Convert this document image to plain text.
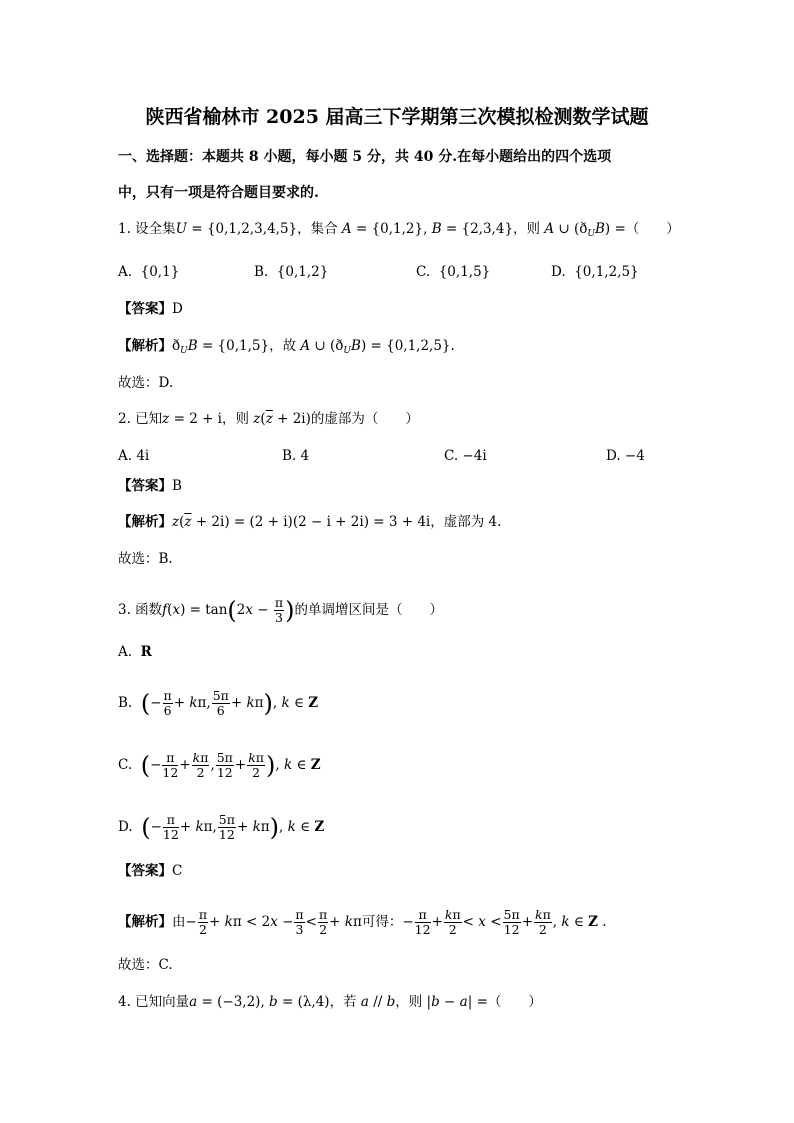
陕西省榆林市 2025 届高三下学期第三次模拟检测数学试题
一、选择题：本题共 8 小题，每小题 5 分，共 40 分.在每小题给出的四个选项
中，只有一项是符合题目要求的.
1. 设全集U = {0,1,2,3,4,5}，集合 A = {0,1,2}, B = {2,3,4}，则 A ∪ $(ð_UB)$ =（　　）
A.  {0,1}	B.  {0,1,2}	C.  {0,1,5}	D.  {0,1,2,5}
【答案】D
【解析】$ð_UB = \{0,1,5\}$，故 A ∪ $(ð_UB) = \{0,1,2,5\}$.
故选：D.
2. 已知z = 2 + i，则 $z(\overline{z} + 2i)$的虚部为（　　）
A. 4i	B. 4	C. −4i	D. −4
【答案】B
【解析】$z(\overline{z} + 2i) = (2 + i)(2 - i + 2i) = 3 + 4i$，虚部为 4.
故选：B.
3. 函数$f(x) = \tan(2x - \frac{\pi}{3}$ )的单调增区间是（　　）
A. R
B. (− $\frac{\pi}{6} + k\pi$, $\frac{5\pi}{6} + k\pi$), k ∈ Z
C. (− $\frac{\pi}{12} + \frac{k\pi}{2}$ , $\frac{5\pi}{12} + \frac{k\pi}{2}$ ), k ∈ Z
D. (− $\frac{\pi}{12} + k\pi$, $\frac{5\pi}{12} + k\pi$), k ∈ Z
【答案】C
【解析】由− $\frac{\pi}{2} + k\pi < 2x - \frac{\pi}{3} < \frac{\pi}{2} + k\pi$可得：− $\frac{\pi}{12} + \frac{k\pi}{2} < x < \frac{5\pi}{12} + \frac{k\pi}{2}$ , k ∈ Z .
故选：C.
4. 已知向量a = (−3,2), b = (λ,4)，若 a // b，则 |b − a| =（　　）
